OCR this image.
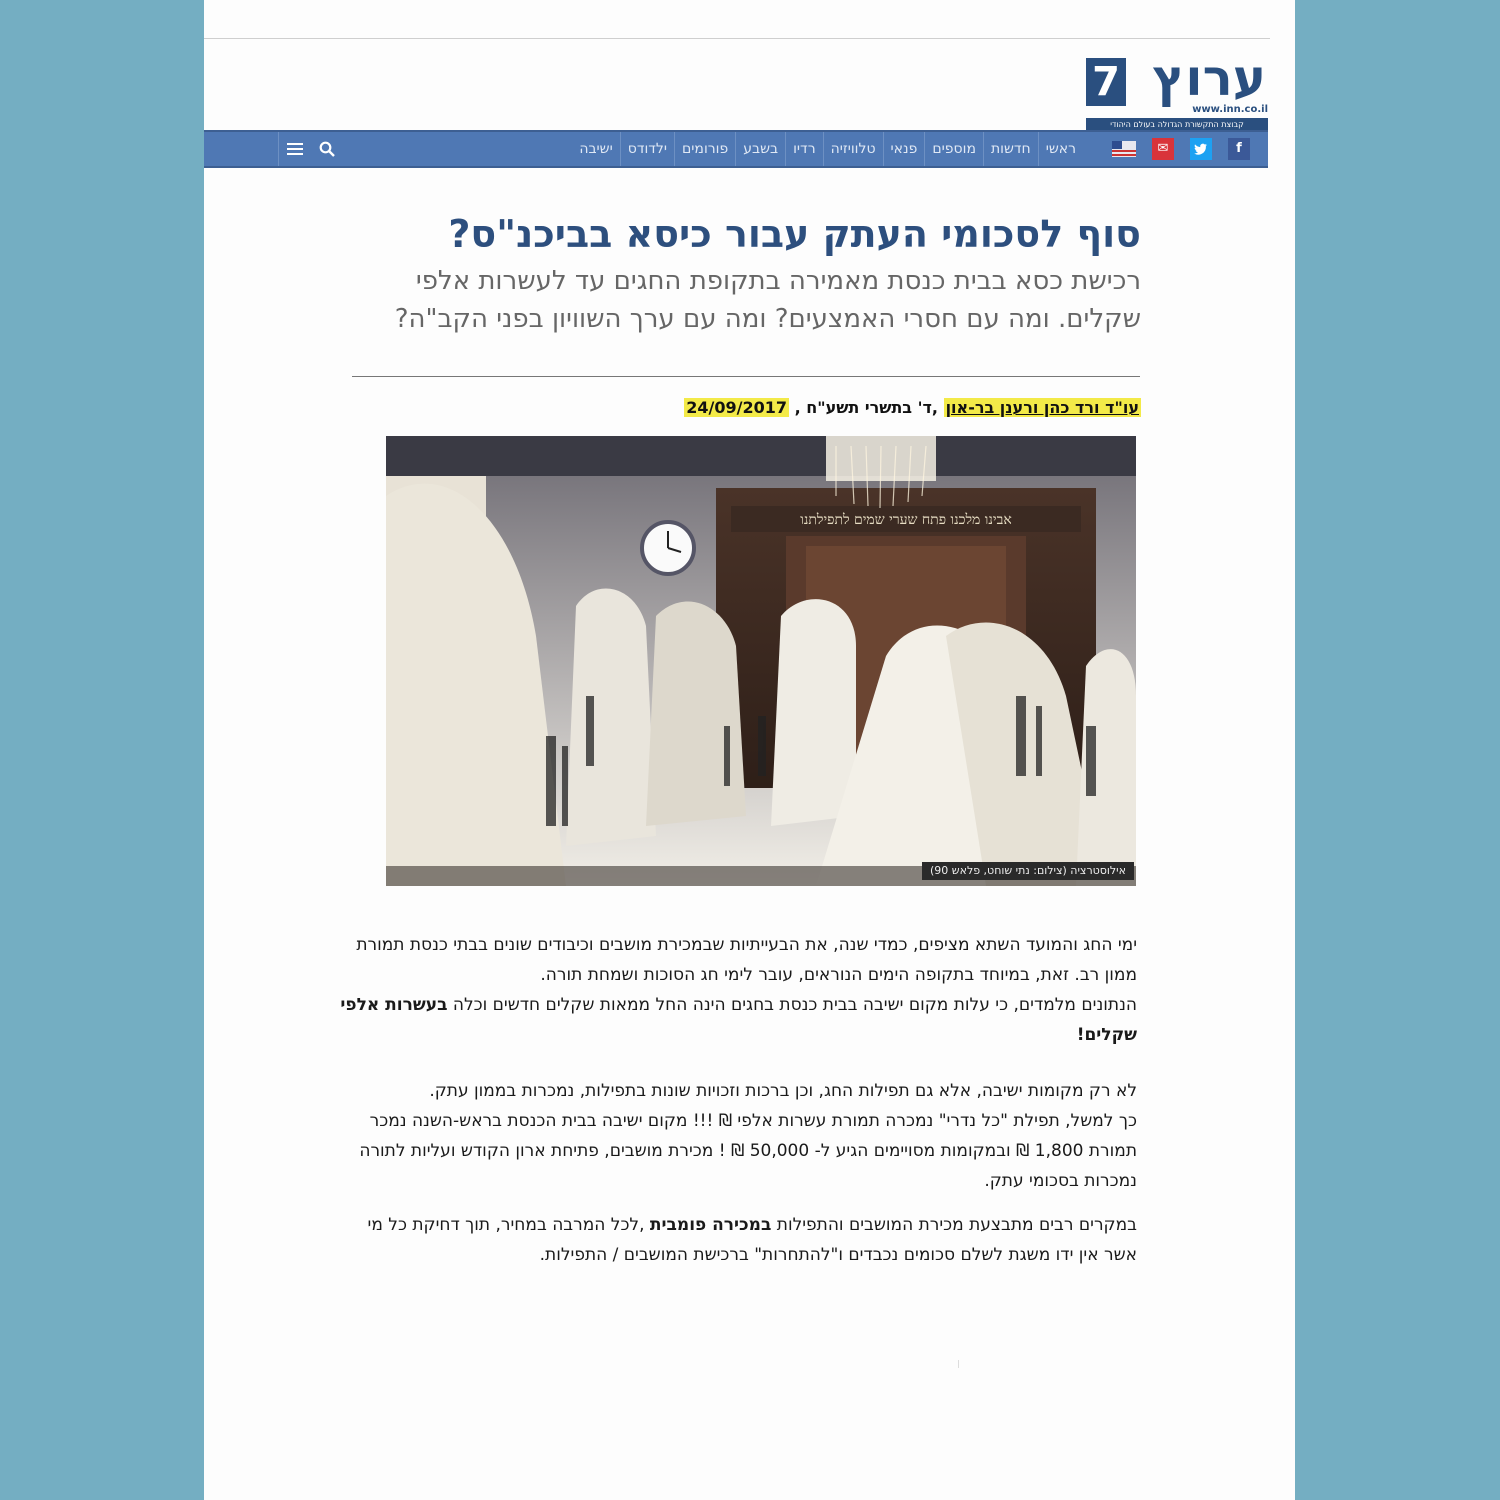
7 ערוץ
www.inn.co.il
קבוצת התקשורת הגדולה בעולם היהודי
f
✉
ראשי
חדשות
מוספים
פנאי
טלוויזיה
רדיו
בשבע
פורומים
ילדודס
ישיבה
סוף לסכומי העתק עבור כיסא בביכנ"ס?
רכישת כסא בבית כנסת מאמירה בתקופת החגים עד לעשרות אלפי שקלים. ומה עם חסרי האמצעים? ומה עם ערך השוויון בפני הקב"ה?
עו"ד ורד כהן ורענן בר-און ,ד' בתשרי תשע"ח , 24/09/2017
אבינו מלכנו פתח שערי שמים לתפילתנו
אילוסטרציה (צילום: נתי שוחט, פלאש 90)

ימי החג והמועד השתא מציפים, כמדי שנה, את הבעייתיות שבמכירת מושבים וכיבודים שונים בבתי כנסת תמורת ממון רב. זאת, במיוחד בתקופה הימים הנוראים, עובר לימי חג הסוכות ושמחת תורה.

הנתונים מלמדים, כי עלות מקום ישיבה בבית כנסת בחגים הינה החל ממאות שקלים חדשים וכלה בעשרות אלפי שקלים!

לא רק מקומות ישיבה, אלא גם תפילות החג, וכן ברכות וזכויות שונות בתפילות, נמכרות בממון עתק.

כך למשל, תפילת "כל נדרי" נמכרה תמורת עשרות אלפי ₪ !!! מקום ישיבה בבית הכנסת בראש-השנה נמכר תמורת 1,800 ₪ ובמקומות מסויימים הגיע ל- 50,000 ₪ ! מכירת מושבים, פתיחת ארון הקודש ועליות לתורה נמכרות בסכומי עתק.

במקרים רבים מתבצעת מכירת המושבים והתפילות במכירה פומבית ,לכל המרבה במחיר, תוך דחיקת כל מי אשר אין ידו משגת לשלם סכומים נכבדים ו"להתחרות" ברכישת המושבים / התפילות.
